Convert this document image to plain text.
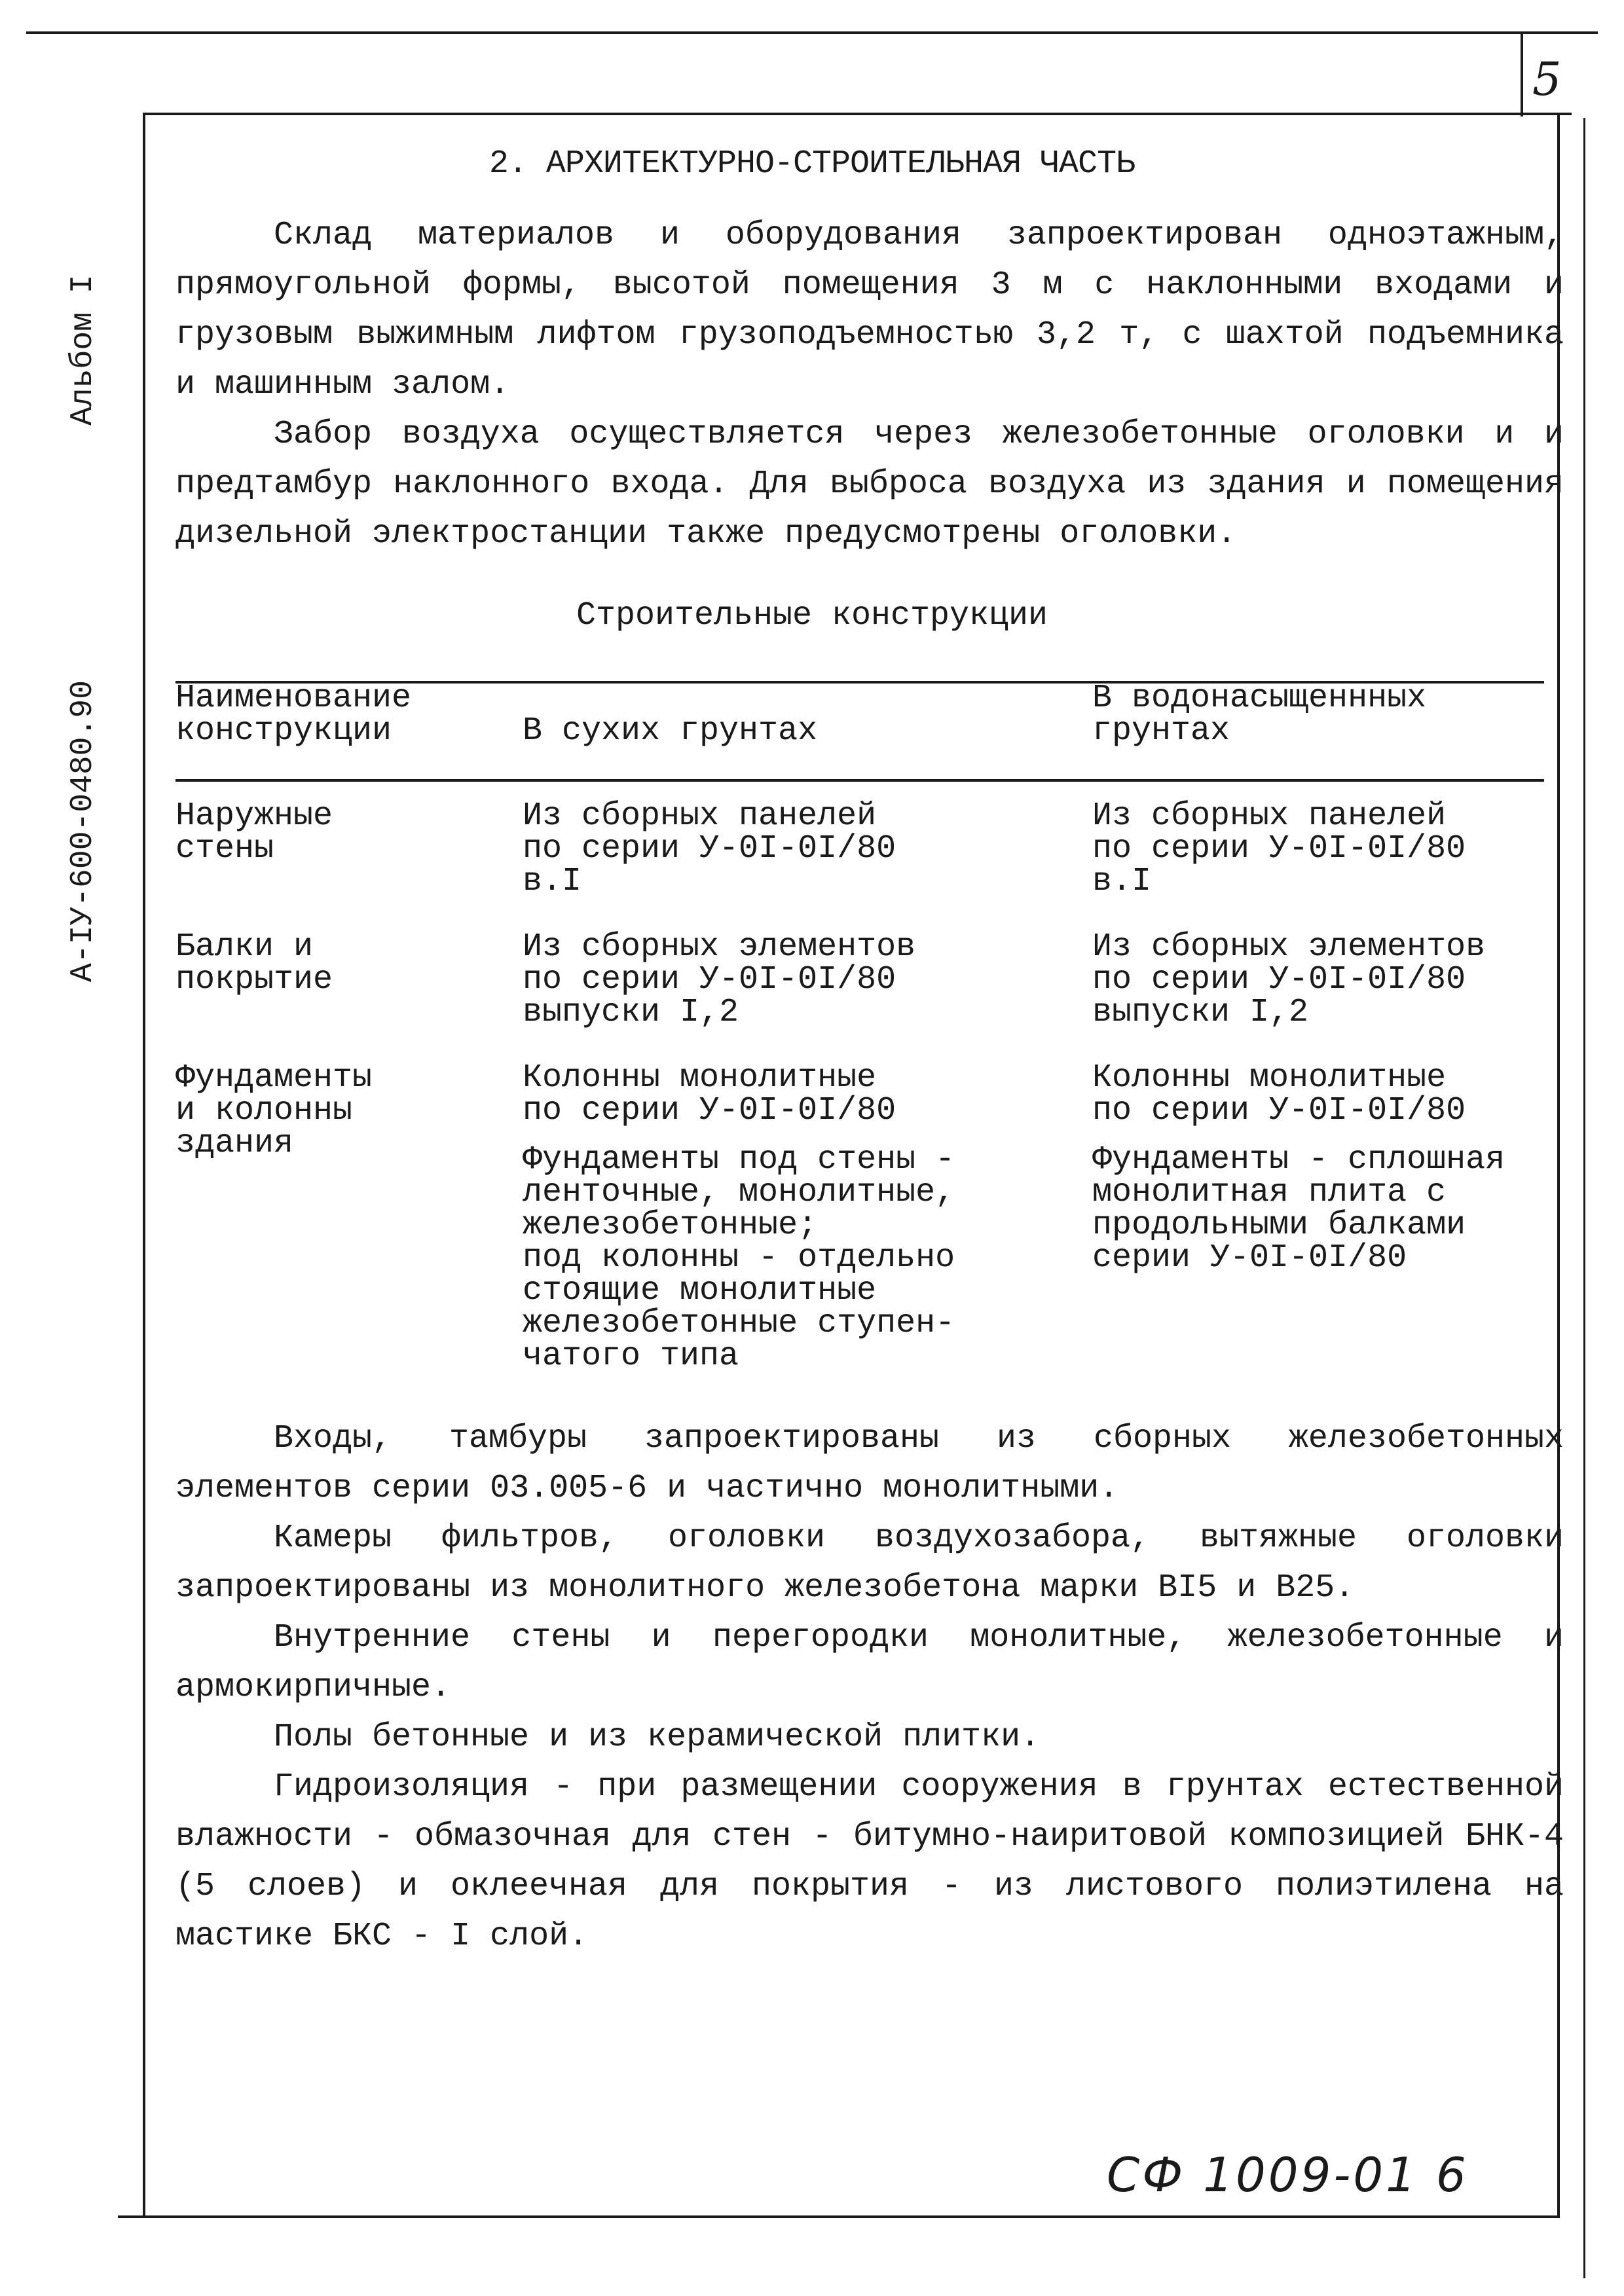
5
Альбом I
А-IУ-600-0480.90
2. АРХИТЕКТУРНО-СТРОИТЕЛЬНАЯ ЧАСТЬ

Склад материалов и оборудования запроектирован одноэтажным, прямоугольной формы, высотой помещения 3 м с наклонными входами и грузовым выжимным лифтом грузоподъемностью 3,2 т, с шахтой подъемника и машинным залом.

Забор воздуха осуществляется через железобетонные оголовки и и предтамбур наклонного входа. Для выброса воздуха из здания и помещения дизельной электростанции также предусмотрены оголовки.

Строительные конструкции
Наименование
конструкции	В сухих грунтах
В водонасыщеннных
грунтах
Наружные
стены
Из сборных панелей
по серии У-0I-0I/80
в.I
Из сборных панелей
по серии У-0I-0I/80
в.I
Балки и
покрытие
Из сборных элементов
по серии У-0I-0I/80
выпуски I,2
Из сборных элементов
по серии У-0I-0I/80
выпуски I,2
Фундаменты
и колонны
здания
Колонны монолитные
по серии У-0I-0I/80
Фундаменты под стены -
ленточные, монолитные,
железобетонные;
под колонны - отдельно
стоящие монолитные
железобетонные ступен-
чатого типа
Колонны монолитные
по серии У-0I-0I/80
Фундаменты - сплошная
монолитная плита с
продольными балками
серии У-0I-0I/80

Входы, тамбуры запроектированы из сборных железобетонных элементов серии 03.005-6 и частично монолитными.

Камеры фильтров, оголовки воздухозабора, вытяжные оголовки запроектированы из монолитного железобетона марки BI5 и B25.

Внутренние стены и перегородки монолитные, железобетонные и армокирпичные.

Полы бетонные и из керамической плитки.

Гидроизоляция - при размещении сооружения в грунтах естественной влажности - обмазочная для стен - битумно-наиритовой композицией БНК-4 (5 слоев) и оклеечная для покрытия - из листового полиэтилена на мастике БКС - I слой.

СФ 1009-01 6
